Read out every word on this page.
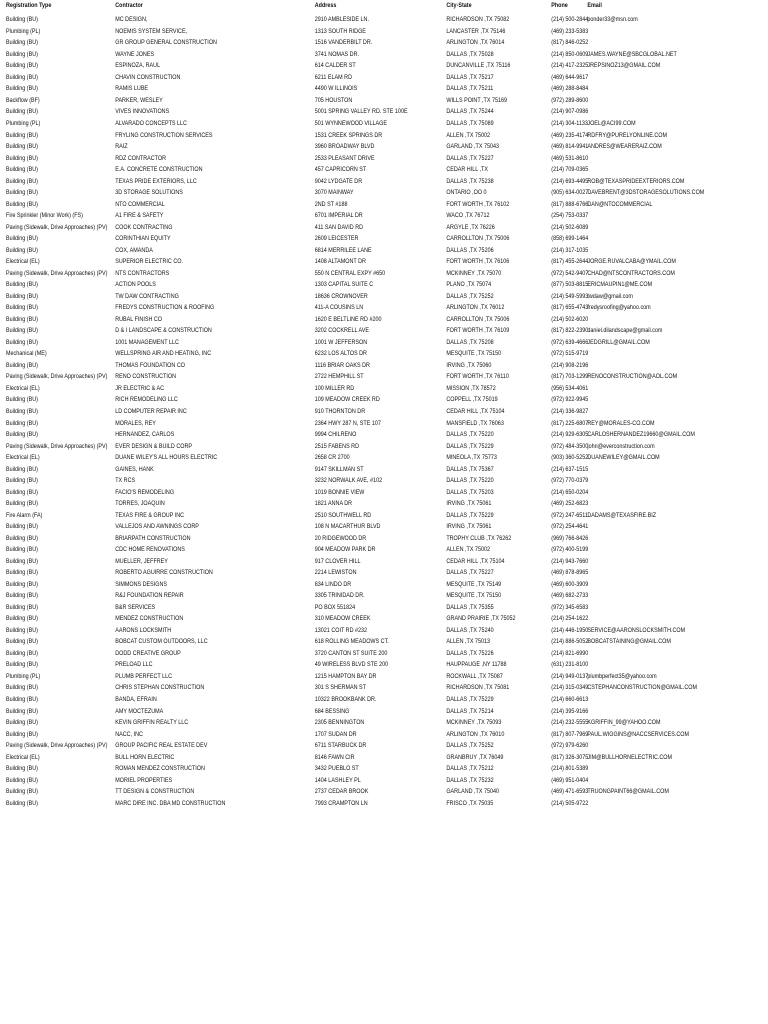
Registration Type	Contractor	Address	City-State	Phone	Email
Building (BU)	MC DESIGN,	2910 AMBLESIDE LN.	RICHARDSON ,TX 75082	(214) 500-2844 ponder33@msn.com
Plumbing (PL)	NOEMIS SYSTEM SERVICE,	1313 SOUTH RIDGE	LANCASTER ,TX 75146	(469) 233-5383
Building (BU)	GR GROUP GENERAL CONSTRUCTION	1516 VANDERBILT DR.	ARLINGTON ,TX 76014	(817) 846-0252
Building (BU)	WAYNE JONES	3741 NOMAS DR.	DALLAS ,TX 75028	(214) 850-0609 JAMES.WAYNE@SBCGLOBAL.NET
Building (BU)	ESPINOZA, RAUL	614 CALDER ST	DUNCANVILLE ,TX 75116	(214) 417-2325 JREPSINOZ13@GMAIL.COM
Building (BU)	CHAVIN CONSTRUCTION	6211 ELAM RD	DALLAS ,TX 75217	(469) 644-9617
Building (BU)	RAMIS LUBE	4490 W ILLINOIS	DALLAS ,TX 75211	(469) 288-8484
Backflow (BF)	PARKER, WESLEY	705 HOUSTON	WILLS POINT ,TX 75169	(972) 289-8600
Building (BU)	VIVES INNOVATIONS	5001 SPRING VALLEY RD. STE 100E	DALLAS ,TX 75244	(214) 907-0986
Plumbing (PL)	ALVARADO CONCEPTS LLC	501 WYNNEWOOD VILLAGE	DALLAS ,TX 75089	(214) 304-1133 JOEL@ACI99.COM
Building (BU)	FRYLING CONSTRUCTION SERVICES	1531 CREEK SPRINGS DR	ALLEN ,TX 75002	(469) 235-4174 RDFRY@PURELYONLINE.COM
Building (BU)	RAIZ	3960 BROADWAY BLVD	GARLAND ,TX 75043	(469) 814-9941 ANDRES@WEARERAIZ.COM
Building (BU)	RDZ CONTRACTOR	2533 PLEASANT DRIVE	DALLAS ,TX 75227	(469) 531-8610
Building (BU)	E.A. CONCRETE CONSTRUCTION	457 CAPRICORN ST	CEDAR HILL ,TX	(214) 709-0365
Building (BU)	TEXAS PRIDE EXTERIORS, LLC	9042 LYDGATE DR	DALLAS ,TX 75238	(214) 693-4495 ROB@TEXASPRIDEEXTERIORS.COM
Building (BU)	3D STORAGE SOLUTIONS	3070 MAINWAY	ONTARIO ,OO 0	(905) 634-0027 DAVEBRENT@3DSTORAGESOLUTIONS.COM
Building (BU)	NTO COMMERCIAL	2ND ST #188	FORT WORTH ,TX 76102	(817) 888-6766 DAN@NTOCOMMERCIAL
Fire Sprinkler (Minor Work) (FS)	A1 FIRE & SAFETY	6701 IMPERIAL DR	WACO ,TX 76712	(254) 753-0337
Paving (Sidewalk, Drive Approaches) (PV)	COOK CONTRACTING	411 SAN DAVID RD	ARGYLE ,TX 76226	(214) 502-6089
Building (BU)	CORINTHIAN EQUITY	2609 LEICESTER	CARROLLTON ,TX 75006	(858) 699-1464
Building (BU)	COX, AMANDA	6814 MERRILEE LANE	DALLAS ,TX 75206	(214) 317-1035
Electrical (EL)	SUPERIOR ELECTRIC CO.	1408 ALTAMONT DR	FORT WORTH ,TX 76106	(817) 455-2644 JORGE.RUVALCABA@YMAIL.COM
Paving (Sidewalk, Drive Approaches) (PV)	NTS CONTRACTORS	550 N CENTRAL EXPY #650	MCKINNEY ,TX 75070	(972) 542-9407 CHAD@NTSCONTRACTORS.COM
Building (BU)	ACTION POOLS	1303 CAPITAL SUITE C	PLANO ,TX 75074	(877) 503-8815 ERICMAUPIN1@ME.COM
Building (BU)	TW DAW CONTRACTING	18636 CROWNOVER	DALLAS ,TX 75252	(214) 549-5993 twdaw@gmail.com
Building (BU)	FREDYS CONSTRUCTION & ROOFING	411-A COUSINS LN	ARLINGTON ,TX 76012	(817) 655-4743 fredysroofing@yahoo.com
Building (BU)	RUBAL FINISH CO	1620 E BELTLINE RD #200	CARROLLTON ,TX 75006	(214) 502-6020
Building (BU)	D & I LANDSCAPE & CONSTRUCTION	3202 COCKRELL AVE	FORT WORTH ,TX 76109	(817) 822-2390 daniel.dilandscape@gmail.com
Building (BU)	1001 MANAGEMENT LLC	1001 W JEFFERSON	DALLAS ,TX 75208	(972) 639-4666 JEDGRILL@GMAIL.COM
Mechanical (ME)	WELLSPRING AIR AND HEATING, INC	6232 LOS ALTOS DR	MESQUITE ,TX 75150	(972) 515-9719
Building (BU)	THOMAS FOUNDATION CO	1116 BRIAR OAKS DR	IRVING ,TX 75060	(214) 908-2196
Paving (Sidewalk, Drive Approaches) (PV)	RENO CONSTRUCTION	2722 HEMPHILL ST	FORT WORTH ,TX 76110	(817) 703-1299 RENOCONSTRUCTION@AOL.COM
Electrical (EL)	JR ELECTRIC & AC	100 MILLER RD	MISSION ,TX 78572	(956) 534-4061
Building (BU)	RICH REMODELING LLC	109 MEADOW CREEK RD	COPPELL ,TX 75019	(972) 922-9945
Building (BU)	LD COMPUTER REPAIR INC	910 THORNTON DR	CEDAR HILL ,TX 75104	(214) 336-9827
Building (BU)	MORALES, REY	2364 HWY 287 N, STE 107	MANSFIELD ,TX 76063	(817) 225-6807 REY@MORALES-CO.COM
Building (BU)	HERNANDEZ, CARLOS	9994 CHILRENO	DALLAS ,TX 75220	(214) 929-6305 CARLOSHERNANDEZ19660@GMAIL.COM
Paving (Sidewalk, Drive Approaches) (PV)	EVER DESIGN & BUILD CORP	2515 FABENS RD	DALLAS ,TX 75229	(972) 484-3500 john@everconstruction.com
Electrical (EL)	DUANE WILEY'S ALL HOURS ELECTRIC	2658 CR 2700	MINEOLA ,TX 75773	(903) 360-5252 DUANEWILEY@GMAIL.COM
Building (BU)	GAINES, HANK	9147 SKILLMAN ST	DALLAS ,TX 75367	(214) 637-1515
Building (BU)	TX RCS	3232 NORWALK AVE, #102	DALLAS ,TX 75220	(972) 770-0379
Building (BU)	FACIO'S REMODELING	1019 BONNIE VIEW	DALLAS ,TX 75203	(214) 650-0204
Building (BU)	TORRES, JOAQUIN	1821 ANNA DR	IRVING ,TX 75061	(469) 252-6823
Fire Alarm (FA)	TEXAS FIRE & GROUP INC	2510 SOUTHWELL RD	DALLAS ,TX 75229	(972) 247-6511 DADAMS@TEXASFIRE.BIZ
Building (BU)	VALLEJOS AND AWNINGS CORP	108 N MACARTHUR BLVD	IRVING ,TX 75061	(972) 254-4641
Building (BU)	BRIARPATH CONSTRUCTION	20 RIDGEWOOD DR	TROPHY CLUB ,TX 76262	(969) 766-8426
Building (BU)	CDC HOME RENOVATIONS	904 MEADOW PARK DR	ALLEN ,TX 75002	(972) 400-5199
Building (BU)	MUELLER, JEFFREY	917 CLOVER HILL	CEDAR HILL ,TX 75104	(214) 943-7660
Building (BU)	ROBERTO AGUIRRE CONSTRUCTION	2214 LEWISTON	DALLAS ,TX 75227	(469) 878-8965
Building (BU)	SIMMONS DESIGNS	834 LINDO DR	MESQUITE ,TX 75149	(469) 600-3909
Building (BU)	R&J FOUNDATION REPAIR	3305 TRINIDAD DR.	MESQUITE ,TX 75150	(469) 682-2733
Building (BU)	B&R SERVICES	PO BOX 551824	DALLAS ,TX 75355	(972) 345-6583
Building (BU)	MENDEZ CONSTRUCTION	310 MEADOW CREEK	GRAND PRAIRIE ,TX 75052	(214) 254-1622
Building (BU)	AARONS LOCKSMITH	13021 COIT RD #232	DALLAS ,TX 75240	(214) 446-1950 SERVICE@AARONSLOCKSMITH.COM
Building (BU)	BOBCAT CUSTOM OUTDOORS, LLC	618 ROLLING MEADOWS CT.	ALLEN ,TX 75013	(214) 886-5052 BOBCATSTAINING@GMAIL.COM
Building (BU)	DODD CREATIVE GROUP	3720 CANTON ST SUITE 200	DALLAS ,TX 75226	(214) 821-6990
Building (BU)	PRELOAD LLC	49 WIRELESS BLVD STE 200	HAUPPAUGE ,NY 11788	(631) 231-8100
Plumbing (PL)	PLUMB PERFECT LLC	1215 HAMPTON BAY DR	ROCKWALL ,TX 75087	(214) 949-0137 plumbperfect35@yahoo.com
Building (BU)	CHRIS STEPHAN CONSTRUCTION	301 S SHERMAN ST	RICHARDSON ,TX 75081	(214) 315-0349 CSTEPHANCONSTRUCTION@GMAIL.COM
Building (BU)	BANDA, EFRAIN	10322 BROOKBANK DR.	DALLAS ,TX 75229	(214) 660-6613
Building (BU)	AMY MOCTEZUMA	684 BESSING	DALLAS ,TX 75214	(214) 395-9166
Building (BU)	KEVIN GRIFFIN REALTY LLC	2305 BENNINGTON	MCKINNEY ,TX 75093	(214) 232-5555 KGRIFFIN_99@YAHOO.COM
Building (BU)	NACC, INC	1707 SUDAN DR	ARLINGTON ,TX 76010	(817) 807-7969 PAUL.WIGGINS@NACCSERVICES.COM
Paving (Sidewalk, Drive Approaches) (PV)	GROUP PACIFIC REAL ESTATE DEV	6711 STARBUCK DR	DALLAS ,TX 75252	(972) 979-6260
Electrical (EL)	BULL HORN ELECTRIC	8146 FAWN CIR	GRANBRUY ,TX 76049	(817) 326-3075 JIM@BULLHORNELECTRIC.COM
Building (BU)	ROMAN MENDEZ CONSTRUCTION	3432 PUEBLO ST	DALLAS ,TX 75212	(214) 801-5389
Building (BU)	MORIEL PROPERTIES	1404 LASHLEY PL	DALLAS ,TX 75232	(469) 951-0404
Building (BU)	TT DESIGN & CONSTRUCTION	2737 CEDAR BROOK	GARLAND ,TX 75040	(469) 471-6593 TRUONGPAINT66@GMAIL.COM
Building (BU)	MARC DIRE INC. DBA MD CONSTRUCTION	7993 CRAMPTON LN	FRISCO ,TX 75035	(214) 505-9722
